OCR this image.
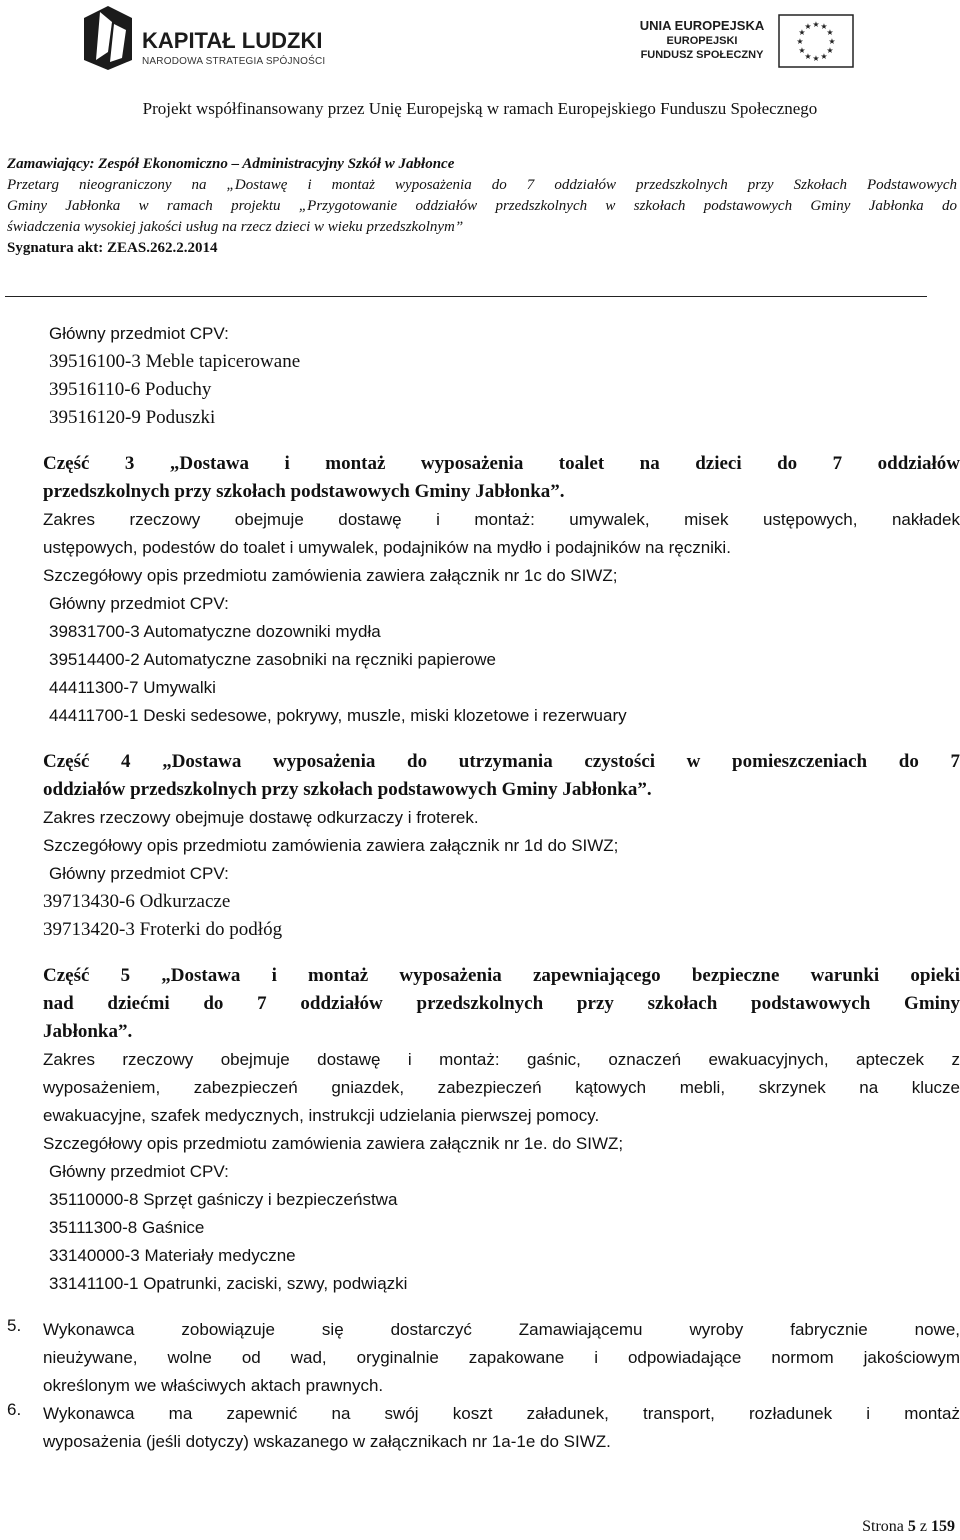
KAPITAŁ LUDZKI
NARODOWA STRATEGIA SPÓJNOŚCI
UNIA EUROPEJSKA
EUROPEJSKI
FUNDUSZ SPOŁECZNY
★ ★
★
★
★
★
★
★
★
★
★
★
Projekt współfinansowany przez Unię Europejską w ramach Europejskiego Funduszu Społecznego

Zamawiający: Zespół Ekonomiczno – Administracyjny Szkół w Jabłonce

Przetarg nieograniczony na „Dostawę i montaż wyposażenia do 7 oddziałów przedszkolnych przy Szkołach Podstawowych

Gminy Jabłonka w ramach projektu „Przygotowanie oddziałów przedszkolnych w szkołach podstawowych Gminy Jabłonka do

świadczenia wysokiej jakości usług na rzecz dzieci w wieku przedszkolnym”

Sygnatura akt: ZEAS.262.2.2014

Główny przedmiot CPV:

39516100-3 Meble tapicerowane

39516110-6 Poduchy

39516120-9 Poduszki

Część 3 „Dostawa i montaż wyposażenia toalet na dzieci do 7 oddziałów

przedszkolnych przy szkołach podstawowych Gminy Jabłonka”.

Zakres rzeczowy obejmuje dostawę i montaż: umywalek, misek ustępowych, nakładek

ustępowych, podestów do toalet i umywalek, podajników na mydło i podajników na ręczniki.

Szczegółowy opis przedmiotu zamówienia zawiera załącznik nr 1c do SIWZ;

Główny przedmiot CPV:

39831700-3 Automatyczne dozowniki mydła

39514400-2 Automatyczne zasobniki na ręczniki papierowe

44411300-7 Umywalki

44411700-1 Deski sedesowe, pokrywy, muszle, miski klozetowe i rezerwuary

Część 4 „Dostawa wyposażenia do utrzymania czystości w pomieszczeniach do 7

oddziałów przedszkolnych przy szkołach podstawowych Gminy Jabłonka”.

Zakres rzeczowy obejmuje dostawę odkurzaczy i froterek.

Szczegółowy opis przedmiotu zamówienia zawiera załącznik nr 1d do SIWZ;

Główny przedmiot CPV:

39713430-6 Odkurzacze

39713420-3 Froterki do podłóg

Część 5 „Dostawa i montaż wyposażenia zapewniającego bezpieczne warunki opieki

nad dziećmi do 7 oddziałów przedszkolnych przy szkołach podstawowych Gminy

Jabłonka”.

Zakres rzeczowy obejmuje dostawę i montaż: gaśnic, oznaczeń ewakuacyjnych, apteczek z

wyposażeniem, zabezpieczeń gniazdek, zabezpieczeń kątowych mebli, skrzynek na klucze

ewakuacyjne, szafek medycznych, instrukcji udzielania pierwszej pomocy.

Szczegółowy opis przedmiotu zamówienia zawiera załącznik nr 1e. do SIWZ;

Główny przedmiot CPV:

35110000-8 Sprzęt gaśniczy i bezpieczeństwa

35111300-8 Gaśnice

33140000-3 Materiały medyczne

33141100-1 Opatrunki, zaciski, szwy, podwiązki

5. Wykonawca zobowiązuje się dostarczyć Zamawiającemu wyroby fabrycznie nowe,

nieużywane, wolne od wad, oryginalnie zapakowane i odpowiadające normom jakościowym

określonym we właściwych aktach prawnych.

6. Wykonawca ma zapewnić na swój koszt załadunek, transport, rozładunek i montaż

wyposażenia (jeśli dotyczy) wskazanego w załącznikach nr 1a-1e do SIWZ.

Strona 5 z 159
